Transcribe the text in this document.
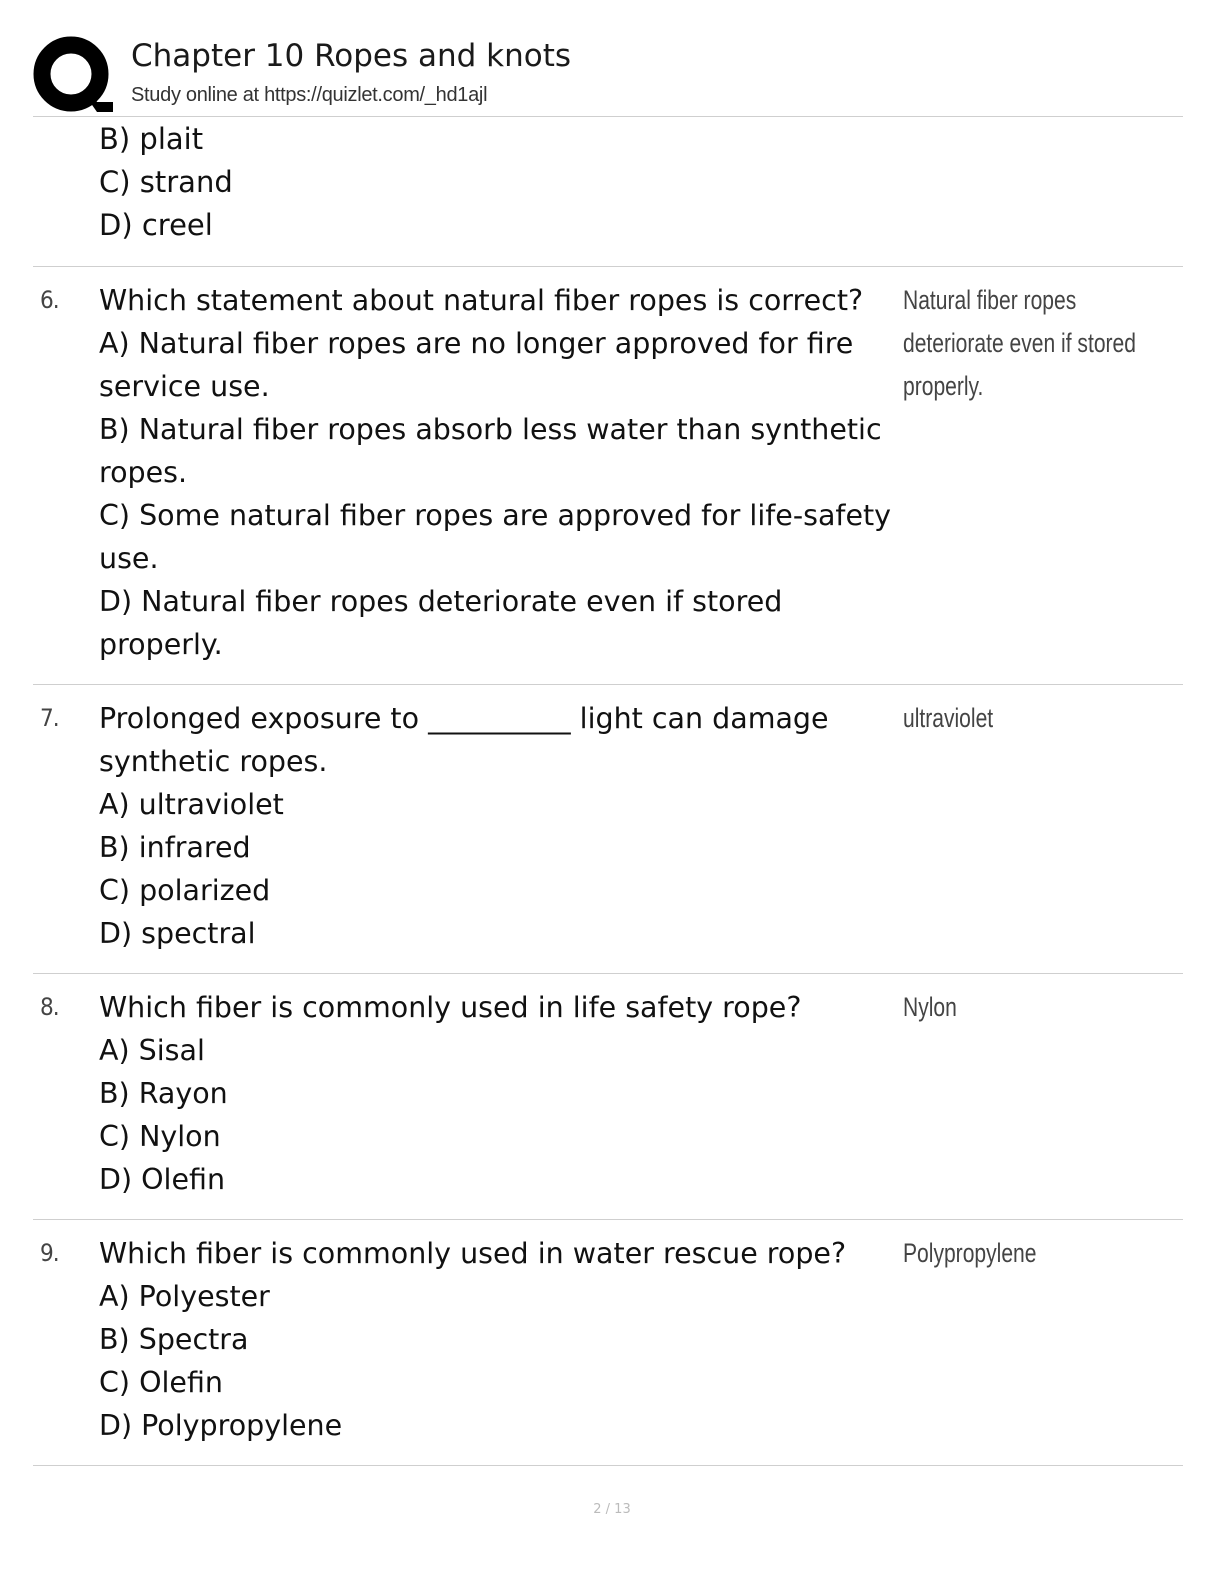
Chapter 10 Ropes and knots
Study online at https://quizlet.com/_hd1ajl
B) plait
C) strand
D) creel
6. Which statement about natural fiber ropes is correct?
A) Natural fiber ropes are no longer approved for fire service use.
B) Natural fiber ropes absorb less water than synthetic ropes.
C) Some natural fiber ropes are approved for life-safety use.
D) Natural fiber ropes deteriorate even if stored properly.
Natural fiber ropes deteriorate even if stored properly.
7. Prolonged exposure to __________ light can damage synthetic ropes.
A) ultraviolet
B) infrared
C) polarized
D) spectral
ultraviolet
8. Which fiber is commonly used in life safety rope?
A) Sisal
B) Rayon
C) Nylon
D) Olefin
Nylon
9. Which fiber is commonly used in water rescue rope?
A) Polyester
B) Spectra
C) Olefin
D) Polypropylene
Polypropylene
2 / 13
